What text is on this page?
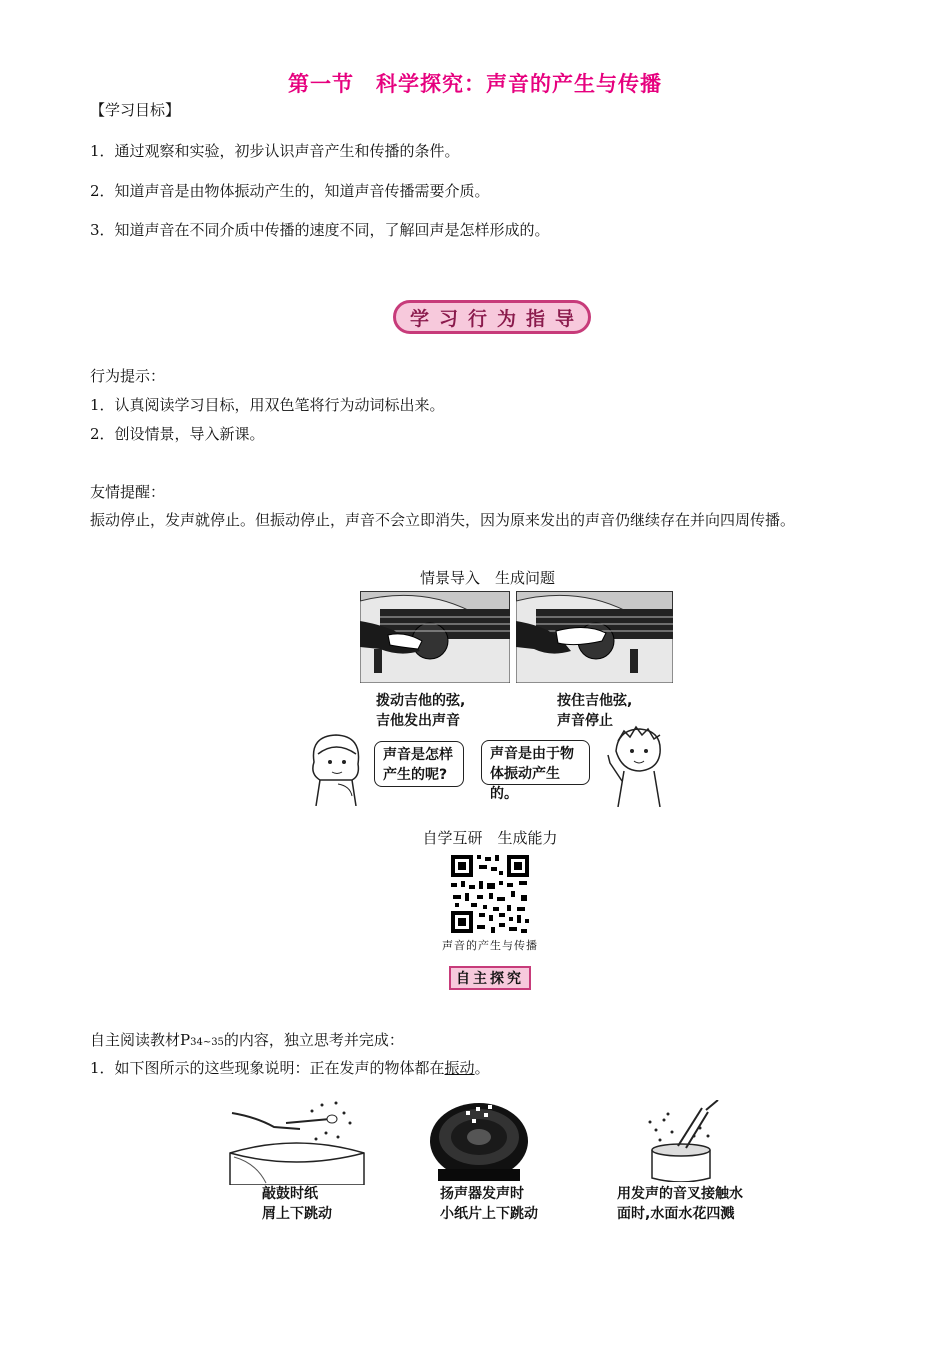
第一节　科学探究：声音的产生与传播
【学习目标】
1．通过观察和实验，初步认识声音产生和传播的条件。
2．知道声音是由物体振动产生的，知道声音传播需要介质。
3．知道声音在不同介质中传播的速度不同，了解回声是怎样形成的。
学习行为指导
行为提示：
1．认真阅读学习目标，用双色笔将行为动词标出来。
2．创设情景，导入新课。
友情提醒：
振动停止，发声就停止。但振动停止，声音不会立即消失，因为原来发出的声音仍继续存在并向四周传播。
情景导入　生成问题
拨动吉他的弦,
吉他发出声音
按住吉他弦,
声音停止
声音是怎样
产生的呢?
声音是由于物
体振动产生的。
自学互研　生成能力
声音的产生与传播
自主探究
自主阅读教材P34~35的内容，独立思考并完成：
1．如下图所示的这些现象说明：正在发声的物体都在振动。
敲鼓时纸
屑上下跳动
扬声器发声时
小纸片上下跳动
用发声的音叉接触水
面时,水面水花四溅
